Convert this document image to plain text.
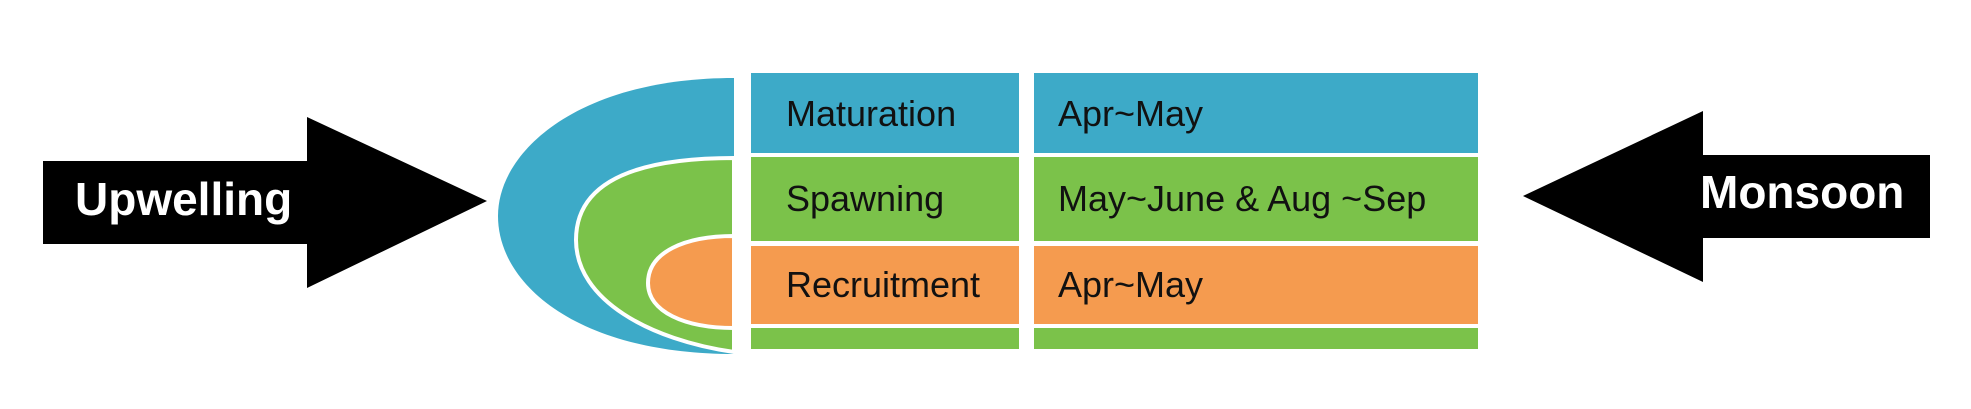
Upwelling	Monsoon
Maturation	Apr~May
Spawning	May~June & Aug ~Sep
Recruitment Apr~May
